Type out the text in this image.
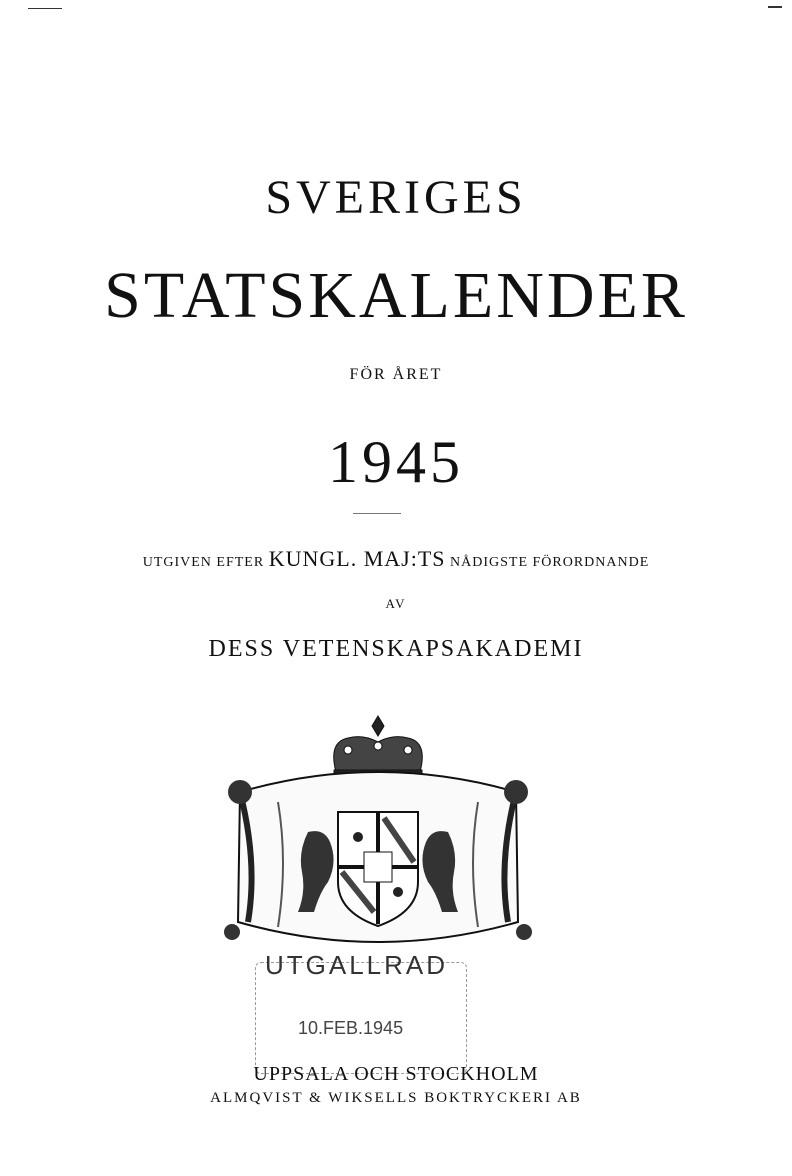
SVERIGES
STATSKALENDER
FÖR ÅRET
1945
UTGIVEN EFTER KUNGL. MAJ:TS NÅDIGSTE FÖRORDNANDE
AV
DESS VETENSKAPSAKADEMI
UTGALLRAD
10.FEB.1945
UPPSALA OCH STOCKHOLM
ALMQVIST & WIKSELLS BOKTRYCKERI AB
